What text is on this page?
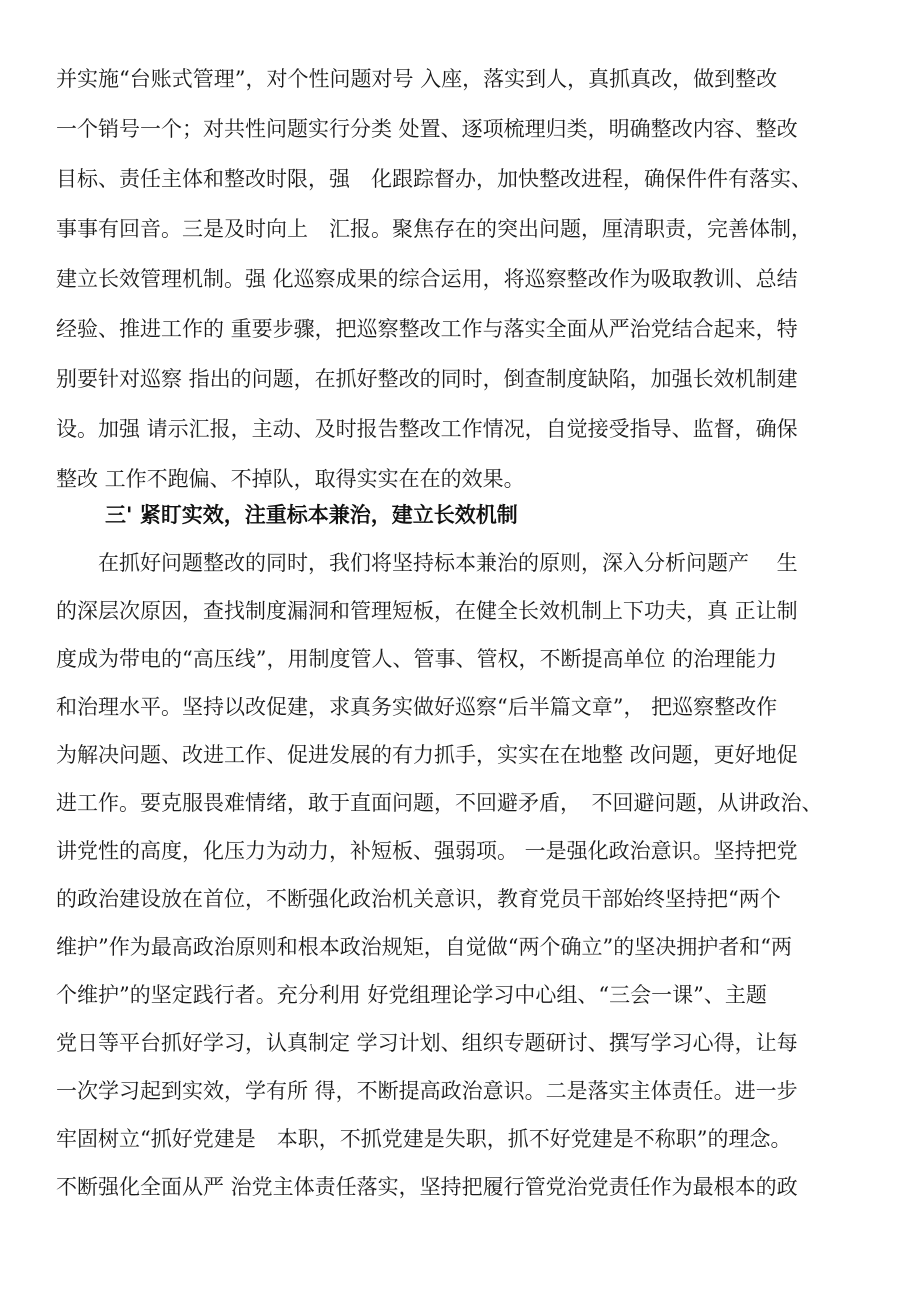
并实施“台账式管理”，对个性问题对号 入座，落实到人，真抓真改，做到整改

一个销号一个；对共性问题实行分类 处置、逐项梳理归类，明确整改内容、整改

目标、责任主体和整改时限，强　化跟踪督办，加快整改进程，确保件件有落实、

事事有回音。三是及时向上　汇报。聚焦存在的突出问题，厘清职责，完善体制，

建立长效管理机制。强 化巡察成果的综合运用，将巡察整改作为吸取教训、总结

经验、推进工作的 重要步骤，把巡察整改工作与落实全面从严治党结合起来，特

别要针对巡察 指出的问题，在抓好整改的同时，倒查制度缺陷，加强长效机制建

设。加强 请示汇报，主动、及时报告整改工作情况，自觉接受指导、监督，确保

整改 工作不跑偏、不掉队，取得实实在在的效果。

三' 紧盯实效，注重标本兼治，建立长效机制

　　在抓好问题整改的同时，我们将坚持标本兼治的原则，深入分析问题产　 生

的深层次原因，查找制度漏洞和管理短板，在健全长效机制上下功夫，真 正让制

度成为带电的“高压线”，用制度管人、管事、管权，不断提高单位 的治理能力

和治理水平。坚持以改促建，求真务实做好巡察“后半篇文章”， 把巡察整改作

为解决问题、改进工作、促进发展的有力抓手，实实在在地整 改问题，更好地促

进工作。要克服畏难情绪，敢于直面问题，不回避矛盾，　不回避问题，从讲政治、

讲党性的高度，化压力为动力，补短板、强弱项。 一是强化政治意识。坚持把党

的政治建设放在首位，不断强化政治机关意识，教育党员干部始终坚持把“两个

维护”作为最高政治原则和根本政治规矩，自觉做“两个确立”的坚决拥护者和“两

个维护”的坚定践行者。充分利用 好党组理论学习中心组、“三会一课”、主题

党日等平台抓好学习，认真制定 学习计划、组织专题研讨、撰写学习心得，让每

一次学习起到实效，学有所 得，不断提高政治意识。二是落实主体责任。进一步

牢固树立“抓好党建是　本职，不抓党建是失职，抓不好党建是不称职”的理念。

不断强化全面从严 治党主体责任落实，坚持把履行管党治党责任作为最根本的政
